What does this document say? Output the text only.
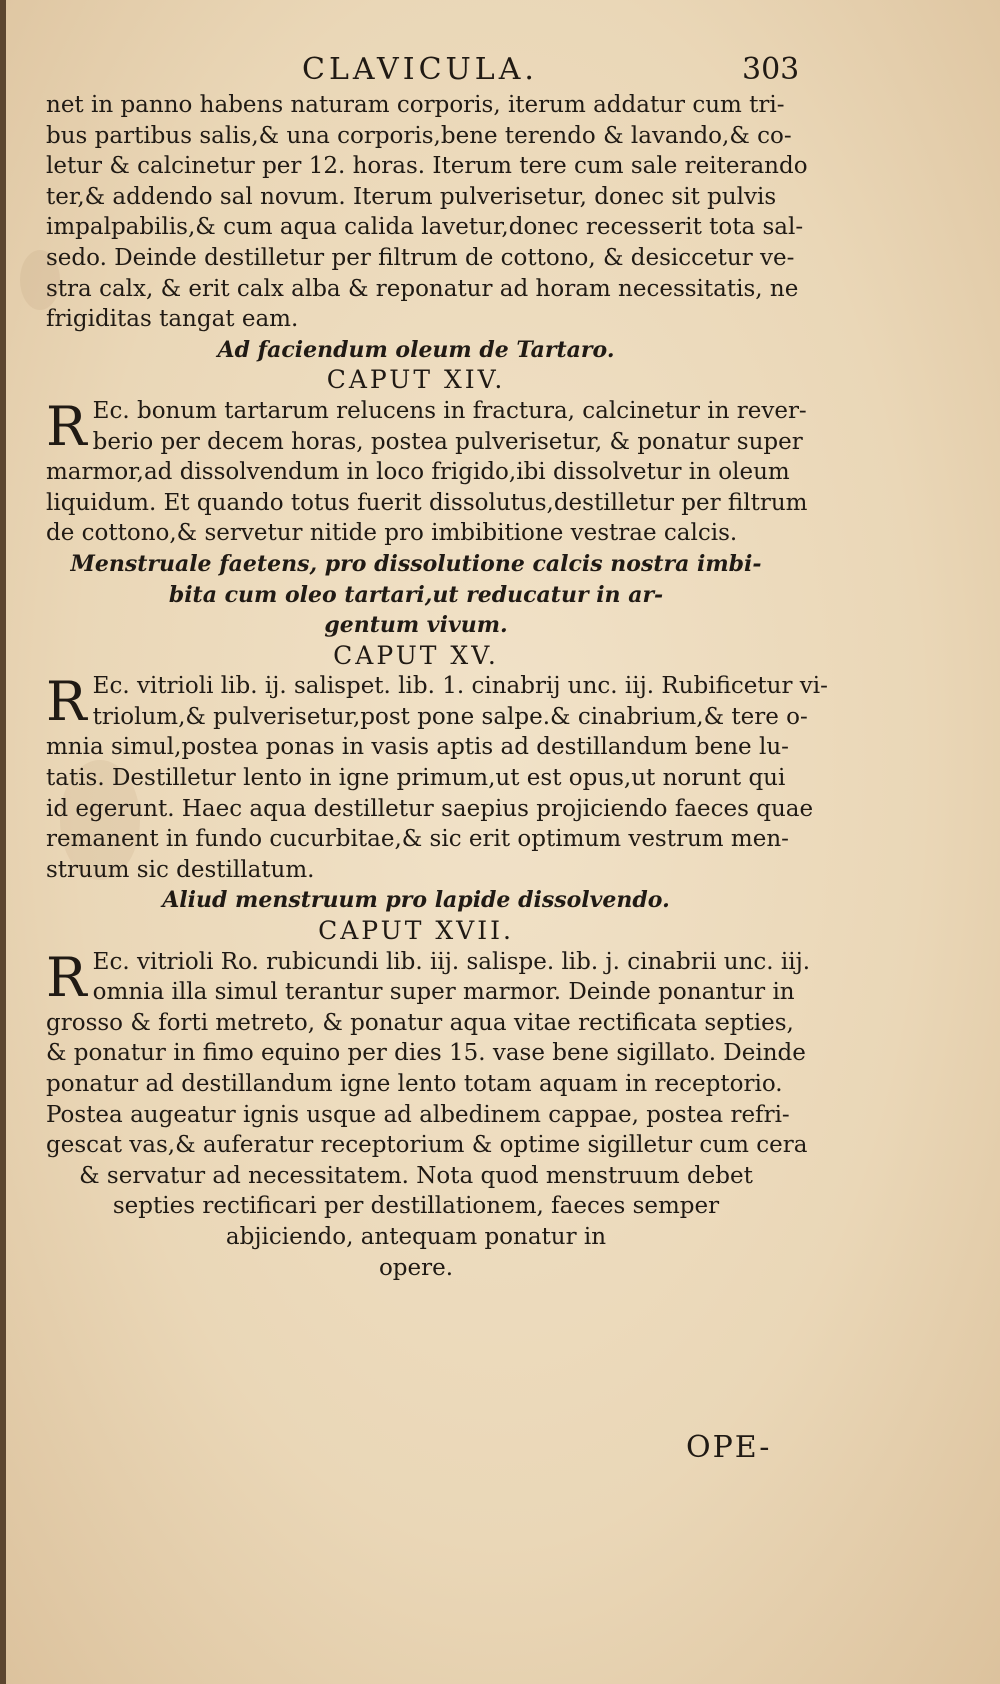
CLAVICULA.	303
net in panno habens naturam corporis, iterum addatur cum tri-
bus partibus salis,& una corporis,bene terendo & lavando,& co-
letur & calcinetur per 12. horas. Iterum tere cum sale reiterando
ter,& addendo sal novum. Iterum pulverisetur, donec sit pulvis
impalpabilis,& cum aqua calida lavetur,donec recesserit tota sal-
sedo. Deinde destilletur per filtrum de cottono, & desiccetur ve-
stra calx, & erit calx alba & reponatur ad horam necessitatis, ne
frigiditas tangat eam.
Ad faciendum oleum de Tartaro.
CAPUT XIV.
R Ec. bonum tartarum relucens in fractura, calcinetur in rever-
berio per decem horas, postea pulverisetur, & ponatur super
marmor,ad dissolvendum in loco frigido,ibi dissolvetur in oleum
liquidum. Et quando totus fuerit dissolutus,destilletur per filtrum
de cottono,& servetur nitide pro imbibitione vestrae calcis.
Menstruale faetens, pro dissolutione calcis nostra imbi-
bita cum oleo tartari,ut reducatur in ar-
gentum vivum.
CAPUT XV.
R Ec. vitrioli lib. ij. salispet. lib. 1. cinabrij unc. iij. Rubificetur vi-
triolum,& pulverisetur,post pone salpe.& cinabrium,& tere o-
mnia simul,postea ponas in vasis aptis ad destillandum bene lu-
tatis. Destilletur lento in igne primum,ut est opus,ut norunt qui
id egerunt. Haec aqua destilletur saepius projiciendo faeces quae
remanent in fundo cucurbitae,& sic erit optimum vestrum men-
struum sic destillatum.
Aliud menstruum pro lapide dissolvendo.
CAPUT XVII.
R Ec. vitrioli Ro. rubicundi lib. iij. salispe. lib. j. cinabrii unc. iij.
omnia illa simul terantur super marmor. Deinde ponantur in
grosso & forti metreto, & ponatur aqua vitae rectificata septies,
& ponatur in fimo equino per dies 15. vase bene sigillato. Deinde
ponatur ad destillandum igne lento totam aquam in receptorio.
Postea augeatur ignis usque ad albedinem cappae, postea refri-
gescat vas,& auferatur receptorium & optime sigilletur cum cera
& servatur ad necessitatem. Nota quod menstruum debet
septies rectificari per destillationem, faeces semper
abjiciendo, antequam ponatur in
opere.
OPE-
